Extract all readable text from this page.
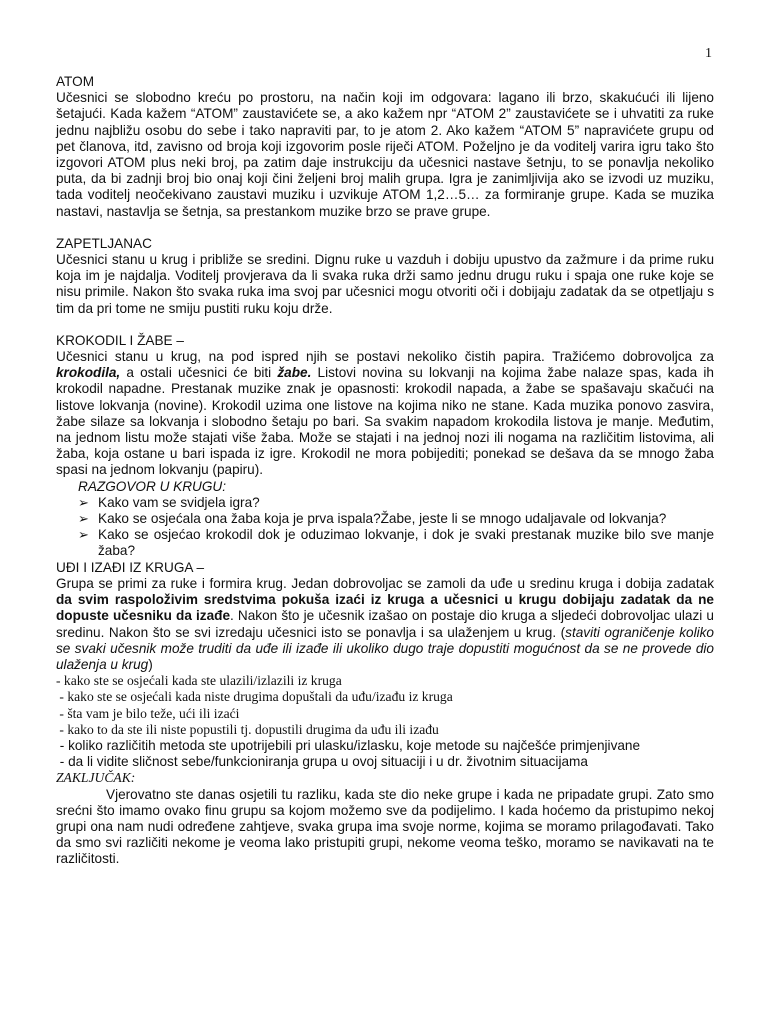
1
ATOM

Učesnici se slobodno kreću po prostoru, na način koji im odgovara: lagano ili brzo, skakućući ili lijeno šetajući. Kada kažem “ATOM” zaustavićete se, a ako kažem npr “ATOM 2” zaustavićete se i uhvatiti za ruke jednu najbližu osobu do sebe i tako napraviti par, to je atom 2. Ako kažem “ATOM 5” napravićete grupu od pet članova, itd, zavisno od broja koji izgovorim posle riječi ATOM. Poželjno je da voditelj varira igru tako što izgovori ATOM plus neki broj, pa zatim daje instrukciju da učesnici nastave šetnju, to se ponavlja nekoliko puta, da bi zadnji broj bio onaj koji čini željeni broj malih grupa. Igra je zanimljivija ako se izvodi uz muziku, tada voditelj neočekivano zaustavi muziku i uzvikuje ATOM 1,2…5… za formiranje grupe. Kada se muzika nastavi, nastavlja se šetnja, sa prestankom muzike brzo se prave grupe.

ZAPETLJANAC

Učesnici stanu u krug i približe se sredini. Dignu ruke u vazduh i dobiju upustvo da zažmure i da prime ruku koja im je najdalja. Voditelj provjerava da li svaka ruka drži samo jednu drugu ruku i spaja one ruke koje se nisu primile. Nakon što svaka ruka ima svoj par učesnici mogu otvoriti oči i dobijaju zadatak da se otpetljaju s tim da pri tome ne smiju pustiti ruku koju drže.

KROKODIL I ŽABE –

Učesnici stanu u krug, na pod ispred njih se postavi nekoliko čistih papira. Tražićemo dobrovoljca za krokodila, a ostali učesnici će biti žabe. Listovi novina su lokvanji na kojima žabe nalaze spas, kada ih krokodil napadne. Prestanak muzike znak je opasnosti: krokodil napada, a žabe se spašavaju skačući na listove lokvanja (novine). Krokodil uzima one listove na kojima niko ne stane. Kada muzika ponovo zasvira, žabe silaze sa lokvanja i slobodno šetaju po bari. Sa svakim napadom krokodila listova je manje. Međutim, na jednom listu može stajati više žaba. Može se stajati i na jednoj nozi ili nogama na različitim listovima, ali žaba, koja ostane u bari ispada iz igre. Krokodil ne mora pobijediti; ponekad se dešava da se mnogo žaba spasi na jednom lokvanju (papiru).

RAZGOVOR U KRUGU:
➢ Kako vam se svidjela igra?
➢ Kako se osjećala ona žaba koja je prva ispala?Žabe, jeste li se mnogo udaljavale od lokvanja?
➢ Kako se osjećao krokodil dok je oduzimao lokvanje, i dok je svaki prestanak muzike bilo sve manje žaba?
UĐI I IZAĐI IZ KRUGA –

Grupa se primi za ruke i formira krug. Jedan dobrovoljac se zamoli da uđe u sredinu kruga i dobija zadatak da svim raspoloživim sredstvima pokuša izaći iz kruga a učesnici u krugu dobijaju zadatak da ne dopuste učesniku da izađe. Nakon što je učesnik izašao on postaje dio kruga a sljedeći dobrovoljac ulazi u sredinu. Nakon što se svi izredaju učesnici isto se ponavlja i sa ulaženjem u krug. (staviti ograničenje koliko se svaki učesnik može truditi da uđe ili izađe ili ukoliko dugo traje dopustiti mogućnost da se ne provede dio ulaženja u krug)

- kako ste se osjećali kada ste ulazili/izlazili iz kruga
- kako ste se osjećali kada niste drugima dopuštali da uđu/izađu iz kruga
- šta vam je bilo teže, ući ili izaći
- kako to da ste ili niste popustili tj. dopustili drugima da uđu ili izađu
- koliko različitih metoda ste upotrijebili pri ulasku/izlasku, koje metode su najčešće primjenjivane
- da li vidite sličnost sebe/funkcioniranja grupa u ovoj situaciji i u dr. životnim situacijama
ZAKLJUČAK:

Vjerovatno ste danas osjetili tu razliku, kada ste dio neke grupe i kada ne pripadate grupi. Zato smo srećni što imamo ovako finu grupu sa kojom možemo sve da podijelimo. I kada hoćemo da pristupimo nekoj grupi ona nam nudi određene zahtjeve, svaka grupa ima svoje norme, kojima se moramo prilagođavati. Tako da smo svi različiti nekome je veoma lako pristupiti grupi, nekome veoma teško, moramo se navikavati na te različitosti.
